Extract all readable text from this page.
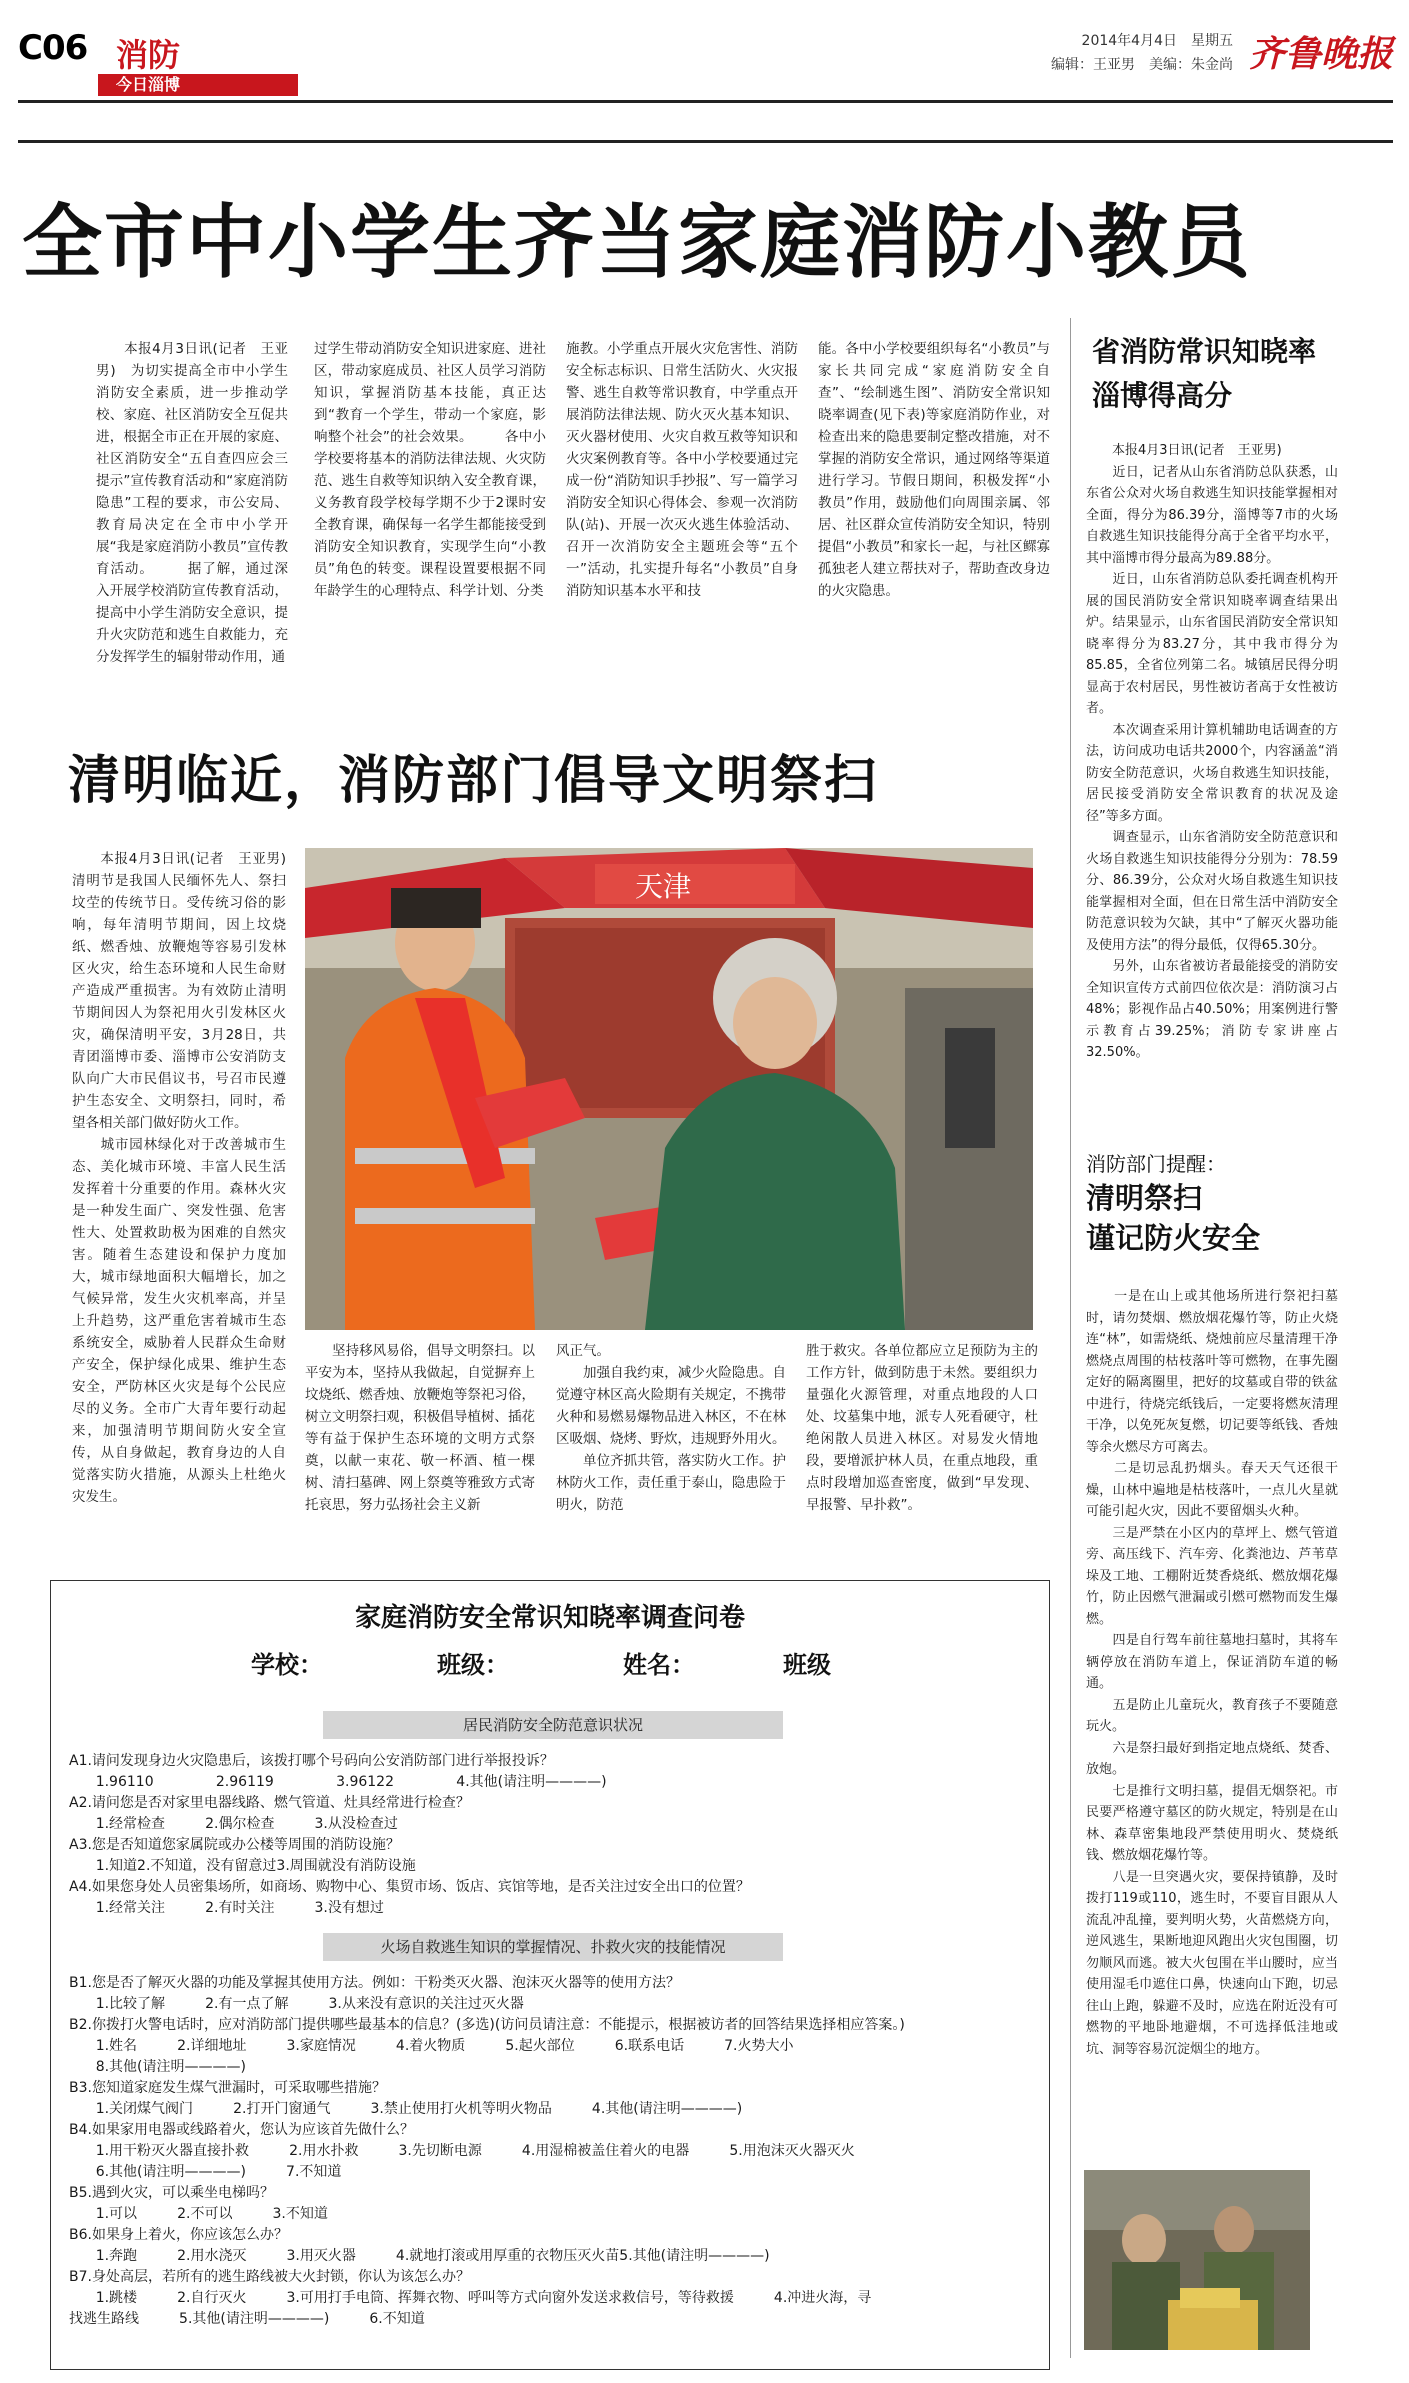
C06 消防
今日淄博
2014年4月4日　星期五
编辑：王亚男　美编：朱金尚 齐鲁晚报
全市中小学生齐当家庭消防小教员
　　本报4月3日讯(记者　王亚男)　为切实提高全市中小学生消防安全素质，进一步推动学校、家庭、社区消防安全互促共进，根据全市正在开展的家庭、社区消防安全“五自查四应会三提示”宣传教育活动和“家庭消防隐患”工程的要求，市公安局、教育局决定在全市中小学开展“我是家庭消防小教员”宣传教育活动。 　　据了解，通过深入开展学校消防宣传教育活动，提高中小学生消防安全意识，提升火灾防范和逃生自救能力，充分发挥学生的辐射带动作用，通
过学生带动消防安全知识进家庭、进社区，带动家庭成员、社区人员学习消防知识，掌握消防基本技能，真正达到“教育一个学生，带动一个家庭，影响整个社会”的社会效果。 　　各中小学校要将基本的消防法律法规、火灾防范、逃生自救等知识纳入安全教育课，义务教育段学校每学期不少于2课时安全教育课，确保每一名学生都能接受到消防安全知识教育，实现学生向“小教员”角色的转变。课程设置要根据不同年龄学生的心理特点、科学计划、分类
施教。小学重点开展火灾危害性、消防安全标志标识、日常生活防火、火灾报警、逃生自救等常识教育，中学重点开展消防法律法规、防火灭火基本知识、灭火器材使用、火灾自救互救等知识和火灾案例教育等。各中小学校要通过完成一份“消防知识手抄报”、写一篇学习消防安全知识心得体会、参观一次消防队(站)、开展一次灭火逃生体验活动、召开一次消防安全主题班会等“五个一”活动，扎实提升每名“小教员”自身消防知识基本水平和技
能。各中小学校要组织每名“小教员”与家长共同完成“家庭消防安全自查”、“绘制逃生图”、消防安全常识知晓率调查(见下表)等家庭消防作业，对检查出来的隐患要制定整改措施，对不掌握的消防安全常识，通过网络等渠道进行学习。节假日期间，积极发挥“小教员”作用，鼓励他们向周围亲属、邻居、社区群众宣传消防安全知识，特别提倡“小教员”和家长一起，与社区鳏寡孤独老人建立帮扶对子，帮助查改身边的火灾隐患。
省消防常识知晓率
淄博得高分
　　本报4月3日讯(记者　王亚男)
　　近日，记者从山东省消防总队获悉，山东省公众对火场自救逃生知识技能掌握相对全面，得分为86.39分，淄博等7市的火场自救逃生知识技能得分高于全省平均水平，其中淄博市得分最高为89.88分。
　　近日，山东省消防总队委托调查机构开展的国民消防安全常识知晓率调查结果出炉。结果显示，山东省国民消防安全常识知晓率得分为83.27分，其中我市得分为85.85，全省位列第二名。城镇居民得分明显高于农村居民，男性被访者高于女性被访者。
　　本次调查采用计算机辅助电话调查的方法，访问成功电话共2000个，内容涵盖“消防安全防范意识，火场自救逃生知识技能，居民接受消防安全常识教育的状况及途径”等多方面。
　　调查显示，山东省消防安全防范意识和火场自救逃生知识技能得分分别为：78.59分、86.39分，公众对火场自救逃生知识技能掌握相对全面，但在日常生活中消防安全防范意识较为欠缺，其中“了解灭火器功能及使用方法”的得分最低，仅得65.30分。
　　另外，山东省被访者最能接受的消防安全知识宣传方式前四位依次是：消防演习占48%；影视作品占40.50%；用案例进行警示教育占39.25%；消防专家讲座占32.50%。
消防部门提醒：
清明祭扫
谨记防火安全
　　一是在山上或其他场所进行祭祀扫墓时，请勿焚烟、燃放烟花爆竹等，防止火烧连“林”，如需烧纸、烧烛前应尽量清理干净燃烧点周围的枯枝落叶等可燃物，在事先圈定好的隔离圈里，把好的坟墓或自带的铁盆中进行，待烧完纸钱后，一定要将燃灰清理干净，以免死灰复燃，切记要等纸钱、香烛等余火燃尽方可离去。
　　二是切忌乱扔烟头。春天天气还很干燥，山林中遍地是枯枝落叶，一点儿火星就可能引起火灾，因此不要留烟头火种。
　　三是严禁在小区内的草坪上、燃气管道旁、高压线下、汽车旁、化粪池边、芦苇草垛及工地、工棚附近焚香烧纸、燃放烟花爆竹，防止因燃气泄漏或引燃可燃物而发生爆燃。
　　四是自行驾车前往墓地扫墓时，其将车辆停放在消防车道上，保证消防车道的畅通。
　　五是防止儿童玩火，教育孩子不要随意玩火。
　　六是祭扫最好到指定地点烧纸、焚香、放炮。
　　七是推行文明扫墓，提倡无烟祭祀。市民要严格遵守墓区的防火规定，特别是在山林、森草密集地段严禁使用明火、焚烧纸钱、燃放烟花爆竹等。
　　八是一旦突遇火灾，要保持镇静，及时拨打119或110，逃生时，不要盲目跟从人流乱冲乱撞，要判明火势，火苗燃烧方向，逆风逃生，果断地迎风跑出火灾包围圈，切勿顺风而逃。被大火包围在半山腰时，应当使用湿毛巾遮住口鼻，快速向山下跑，切忌往山上跑，躲避不及时，应选在附近没有可燃物的平地卧地避烟，不可选择低洼地或坑、洞等容易沉淀烟尘的地方。
清明临近，消防部门倡导文明祭扫
　　本报4月3日讯(记者　王亚男)　清明节是我国人民缅怀先人、祭扫坟茔的传统节日。受传统习俗的影响，每年清明节期间，因上坟烧纸、燃香烛、放鞭炮等容易引发林区火灾，给生态环境和人民生命财产造成严重损害。为有效防止清明节期间因人为祭祀用火引发林区火灾，确保清明平安，3月28日，共青团淄博市委、淄博市公安消防支队向广大市民倡议书，号召市民遵护生态安全、文明祭扫，同时，希望各相关部门做好防火工作。
　　城市园林绿化对于改善城市生态、美化城市环境、丰富人民生活发挥着十分重要的作用。森林火灾是一种发生面广、突发性强、危害性大、处置救助极为困难的自然灾害。随着生态建设和保护力度加大，城市绿地面积大幅增长，加之气候异常，发生火灾机率高，并呈上升趋势，这严重危害着城市生态系统安全，威胁着人民群众生命财产安全，保护绿化成果、维护生态安全，严防林区火灾是每个公民应尽的义务。全市广大青年要行动起来，加强清明节期间防火安全宣传，从自身做起，教育身边的人自觉落实防火措施，从源头上杜绝火灾发生。
天津
　　坚持移风易俗，倡导文明祭扫。以平安为本，坚持从我做起，自觉摒弃上坟烧纸、燃香烛、放鞭炮等祭祀习俗，树立文明祭扫观，积极倡导植树、插花等有益于保护生态环境的文明方式祭奠，以献一束花、敬一杯酒、植一棵树、清扫墓碑、网上祭奠等雅致方式寄托哀思，努力弘扬社会主义新
风正气。
　　加强自我约束，减少火险隐患。自觉遵守林区高火险期有关规定，不携带火种和易燃易爆物品进入林区，不在林区吸烟、烧烤、野炊，违规野外用火。
　　单位齐抓共管，落实防火工作。护林防火工作，责任重于泰山，隐患险于明火，防范
胜于救灾。各单位都应立足预防为主的工作方针，做到防患于未然。要组织力量强化火源管理，对重点地段的人口处、坟墓集中地，派专人死看硬守，杜绝闲散人员进入林区。对易发火情地段，要增派护林人员，在重点地段，重点时段增加巡查密度，做到“早发现、早报警、早扑救”。
家庭消防安全常识知晓率调查问卷
学校：	班级：	姓名：	班级
居民消防安全防范意识状况
A1.请问发现身边火灾隐患后，该拨打哪个号码向公安消防部门进行举报投诉？
1.96110              2.96119              3.96122              4.其他(请注明————)
A2.请问您是否对家里电器线路、燃气管道、灶具经常进行检查？
1.经常检查         2.偶尔检查         3.从没检查过
A3.您是否知道您家属院或办公楼等周围的消防设施？
1.知道2.不知道，没有留意过3.周围就没有消防设施
A4.如果您身处人员密集场所，如商场、购物中心、集贸市场、饭店、宾馆等地，是否关注过安全出口的位置？
1.经常关注         2.有时关注         3.没有想过
火场自救逃生知识的掌握情况、扑救火灾的技能情况
B1.您是否了解灭火器的功能及掌握其使用方法。例如：干粉类灭火器、泡沫灭火器等的使用方法？
1.比较了解         2.有一点了解         3.从来没有意识的关注过灭火器
B2.你拨打火警电话时，应对消防部门提供哪些最基本的信息？(多选)(访问员请注意：不能提示，根据被访者的回答结果选择相应答案。)
1.姓名         2.详细地址         3.家庭情况         4.着火物质         5.起火部位         6.联系电话         7.火势大小
8.其他(请注明————)
B3.您知道家庭发生煤气泄漏时，可采取哪些措施？
1.关闭煤气阀门         2.打开门窗通气         3.禁止使用打火机等明火物品         4.其他(请注明————)
B4.如果家用电器或线路着火，您认为应该首先做什么？
1.用干粉灭火器直接扑救         2.用水扑救         3.先切断电源         4.用湿棉被盖住着火的电器         5.用泡沫灭火器灭火
6.其他(请注明————)         7.不知道
B5.遇到火灾，可以乘坐电梯吗？
1.可以         2.不可以         3.不知道
B6.如果身上着火，你应该怎么办？
1.奔跑         2.用水浇灭         3.用灭火器         4.就地打滚或用厚重的衣物压灭火苗5.其他(请注明————)
B7.身处高层，若所有的逃生路线被大火封锁，你认为该怎么办？
1.跳楼         2.自行灭火         3.可用打手电筒、挥舞衣物、呼叫等方式向窗外发送求救信号，等待救援         4.冲进火海，寻
找逃生路线         5.其他(请注明————)         6.不知道
